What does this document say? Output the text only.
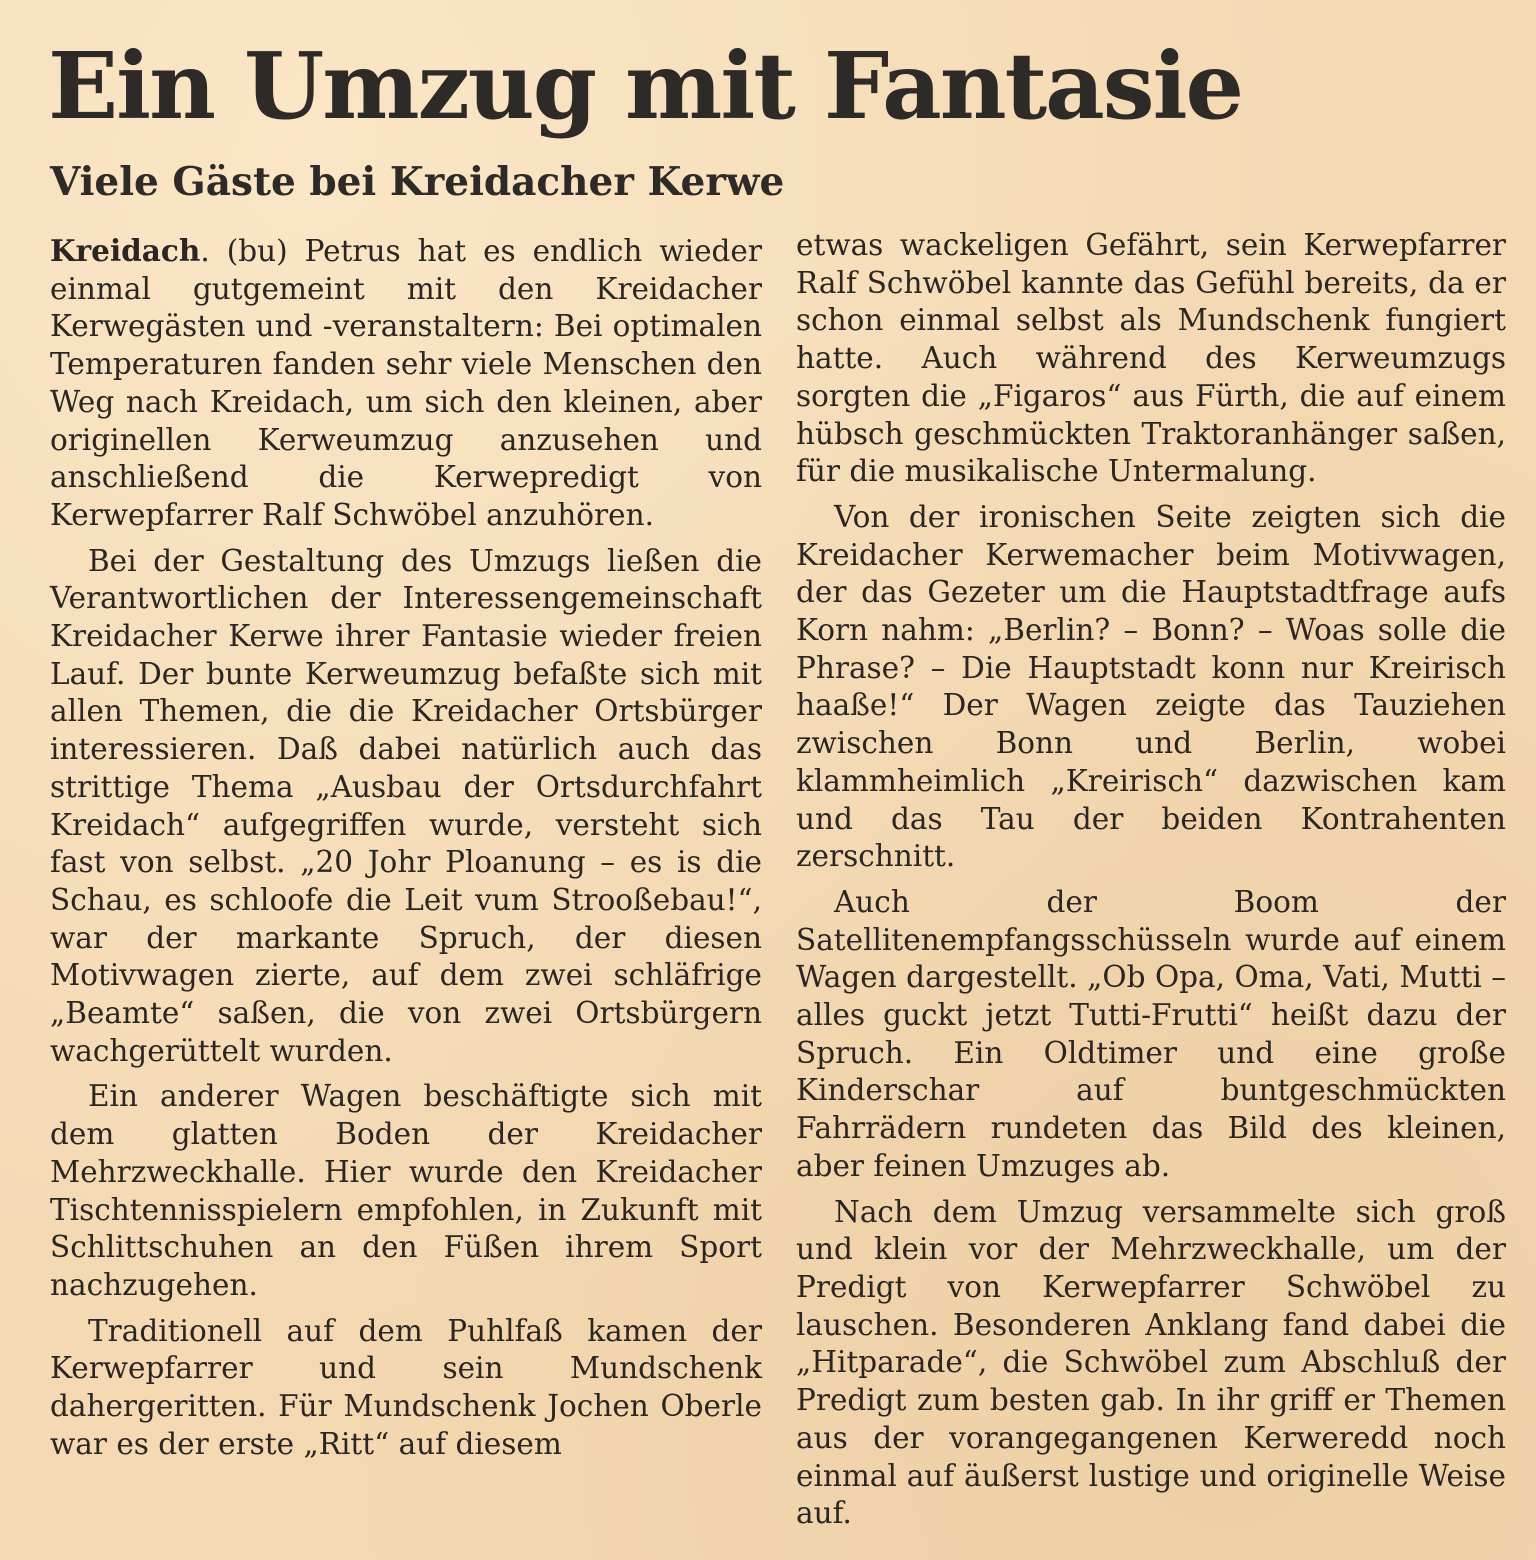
Ein Umzug mit Fantasie
Viele Gäste bei Kreidacher Kerwe

Kreidach. (bu) Petrus hat es endlich wieder einmal gutgemeint mit den Kreidacher Kerwegästen und -veranstaltern: Bei optimalen Temperaturen fanden sehr viele Menschen den Weg nach Kreidach, um sich den kleinen, aber originellen Kerweumzug anzusehen und anschließend die Kerwepredigt von Kerwepfarrer Ralf Schwöbel anzuhören.

Bei der Gestaltung des Umzugs ließen die Verantwortlichen der Interessengemeinschaft Kreidacher Kerwe ihrer Fantasie wieder freien Lauf. Der bunte Kerweumzug befaßte sich mit allen Themen, die die Kreidacher Ortsbürger interessieren. Daß dabei natürlich auch das strittige Thema „Ausbau der Ortsdurchfahrt Kreidach“ aufgegriffen wurde, versteht sich fast von selbst. „20 Johr Ploanung – es is die Schau, es schloofe die Leit vum Strooßebau!“, war der markante Spruch, der diesen Motivwagen zierte, auf dem zwei schläfrige „Beamte“ saßen, die von zwei Ortsbürgern wachgerüttelt wurden.

Ein anderer Wagen beschäftigte sich mit dem glatten Boden der Kreidacher Mehrzweckhalle. Hier wurde den Kreidacher Tischtennisspielern empfohlen, in Zukunft mit Schlittschuhen an den Füßen ihrem Sport nachzugehen.

Traditionell auf dem Puhlfaß kamen der Kerwepfarrer und sein Mundschenk dahergeritten. Für Mundschenk Jochen Oberle war es der erste „Ritt“ auf diesem

etwas wackeligen Gefährt, sein Kerwepfarrer Ralf Schwöbel kannte das Gefühl bereits, da er schon einmal selbst als Mundschenk fungiert hatte. Auch während des Kerweumzugs sorgten die „Figaros“ aus Fürth, die auf einem hübsch geschmückten Traktoranhänger saßen, für die musikalische Untermalung.

Von der ironischen Seite zeigten sich die Kreidacher Kerwemacher beim Motivwagen, der das Gezeter um die Hauptstadtfrage aufs Korn nahm: „Berlin? – Bonn? – Woas solle die Phrase? – Die Hauptstadt konn nur Kreirisch haaße!“ Der Wagen zeigte das Tauziehen zwischen Bonn und Berlin, wobei klammheimlich „Kreirisch“ dazwischen kam und das Tau der beiden Kontrahenten zerschnitt.

Auch der Boom der Satellitenempfangsschüsseln wurde auf einem Wagen dargestellt. „Ob Opa, Oma, Vati, Mutti – alles guckt jetzt Tutti-Frutti“ heißt dazu der Spruch. Ein Oldtimer und eine große Kinderschar auf buntgeschmückten Fahrrädern rundeten das Bild des kleinen, aber feinen Umzuges ab.

Nach dem Umzug versammelte sich groß und klein vor der Mehrzweckhalle, um der Predigt von Kerwepfarrer Schwöbel zu lauschen. Besonderen Anklang fand dabei die „Hitparade“, die Schwöbel zum Abschluß der Predigt zum besten gab. In ihr griff er Themen aus der vorangegangenen Kerweredd noch einmal auf äußerst lustige und originelle Weise auf.
